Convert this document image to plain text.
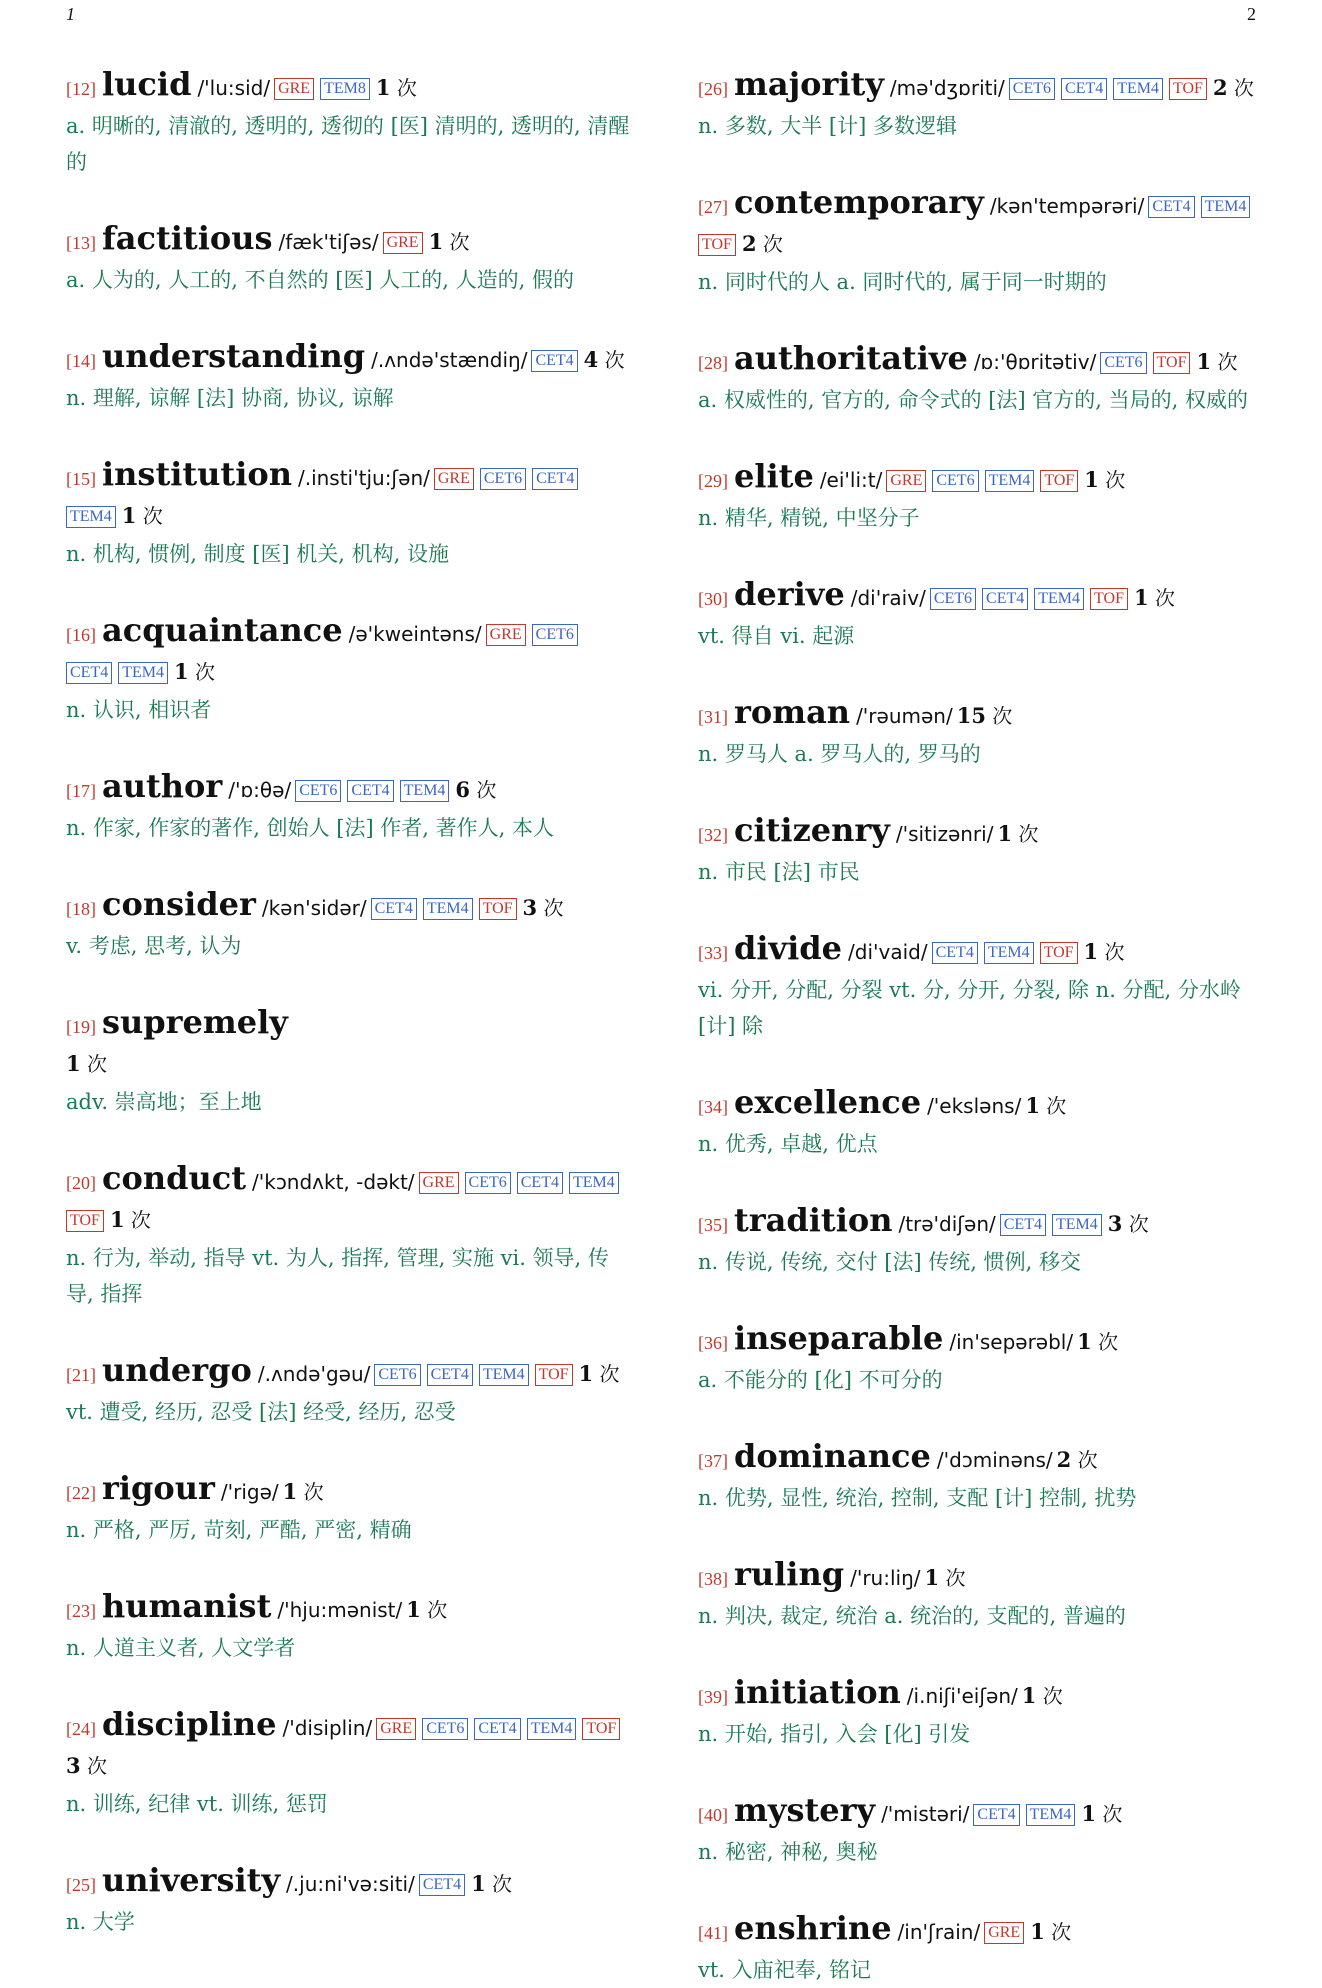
1	2
[12] lucid /'lu:sid/ GRE TEM8 1 次
a. 明晰的, 清澈的, 透明的, 透彻的 [医] 清明的, 透明的, 清醒的
[13] factitious /fæk'tiʃəs/ GRE 1 次
a. 人为的, 人工的, 不自然的 [医] 人工的, 人造的, 假的
[14] understanding /.ʌndə'stændiŋ/ CET4 4 次
n. 理解, 谅解 [法] 协商, 协议, 谅解
[15] institution /.insti'tju:ʃən/ GRE CET6 CET4TEM4 1 次
n. 机构, 惯例, 制度 [医] 机关, 机构, 设施
[16] acquaintance /ə'kweintəns/ GRE CET6CET4 TEM4 1 次
n. 认识, 相识者
[17] author /'ɒ:θə/ CET6 CET4 TEM4 6 次
n. 作家, 作家的著作, 创始人 [法] 作者, 著作人, 本人
[18] consider /kən'sidər/ CET4 TEM4 TOF 3 次
v. 考虑, 思考, 认为
[19] supremely
1 次
adv. 崇高地；至上地
[20] conduct /'kɔndʌkt, -dəkt/ GRE CET6 CET4 TEM4TOF 1 次
n. 行为, 举动, 指导 vt. 为人, 指挥, 管理, 实施 vi. 领导, 传导, 指挥
[21] undergo /.ʌndə'gəu/ CET6 CET4 TEM4 TOF 1 次
vt. 遭受, 经历, 忍受 [法] 经受, 经历, 忍受
[22] rigour /'rigə/ 1 次
n. 严格, 严厉, 苛刻, 严酷, 严密, 精确
[23] humanist /'hju:mənist/ 1 次
n. 人道主义者, 人文学者
[24] discipline /'disiplin/ GRE CET6 CET4 TEM4 TOF3 次
n. 训练, 纪律 vt. 训练, 惩罚
[25] university /.ju:ni'və:siti/ CET4 1 次
n. 大学
[26] majority /mə'dʒɒriti/ CET6 CET4 TEM4 TOF 2 次
n. 多数, 大半 [计] 多数逻辑
[27] contemporary /kən'tempərəri/ CET4 TEM4TOF 2 次
n. 同时代的人 a. 同时代的, 属于同一时期的
[28] authoritative /ɒ:'θɒritətiv/ CET6 TOF 1 次
a. 权威性的, 官方的, 命令式的 [法] 官方的, 当局的, 权威的
[29] elite /ei'li:t/ GRE CET6 TEM4 TOF 1 次
n. 精华, 精锐, 中坚分子
[30] derive /di'raiv/ CET6 CET4 TEM4 TOF 1 次
vt. 得自 vi. 起源
[31] roman /'rəumən/ 15 次
n. 罗马人 a. 罗马人的, 罗马的
[32] citizenry /'sitizənri/ 1 次
n. 市民 [法] 市民
[33] divide /di'vaid/ CET4 TEM4 TOF 1 次
vi. 分开, 分配, 分裂 vt. 分, 分开, 分裂, 除 n. 分配, 分水岭 [计] 除
[34] excellence /'ekslәns/ 1 次
n. 优秀, 卓越, 优点
[35] tradition /trə'diʃən/ CET4 TEM4 3 次
n. 传说, 传统, 交付 [法] 传统, 惯例, 移交
[36] inseparable /in'sepərəbl/ 1 次
a. 不能分的 [化] 不可分的
[37] dominance /'dɔminəns/ 2 次
n. 优势, 显性, 统治, 控制, 支配 [计] 控制, 扰势
[38] ruling /'ru:liŋ/ 1 次
n. 判决, 裁定, 统治 a. 统治的, 支配的, 普遍的
[39] initiation /i.niʃi'eiʃən/ 1 次
n. 开始, 指引, 入会 [化] 引发
[40] mystery /'mistəri/ CET4 TEM4 1 次
n. 秘密, 神秘, 奥秘
[41] enshrine /in'ʃrain/ GRE 1 次
vt. 入庙祀奉, 铭记
